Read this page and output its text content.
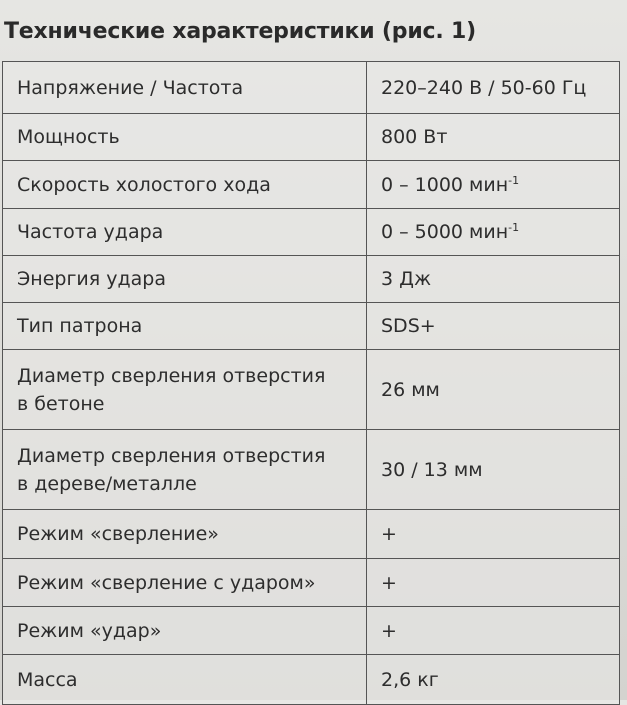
Технические характеристики (рис. 1)
Напряжение / Частота	220–240 В / 50-60 Гц
Мощность	800 Вт
Скорость холостого хода	0 – 1000 мин$^{-1}$
Частота удара	0 – 5000 мин$^{-1}$
Энергия удара	3 Дж
Тип патрона	SDS+
Диаметр сверления отверстия
в бетоне	26 мм
Диаметр сверления отверстия
в дереве/металле	30 / 13 мм
Режим «сверление»	+
Режим «сверление с ударом»	+
Режим «удар»	+
Масса	2,6 кг
